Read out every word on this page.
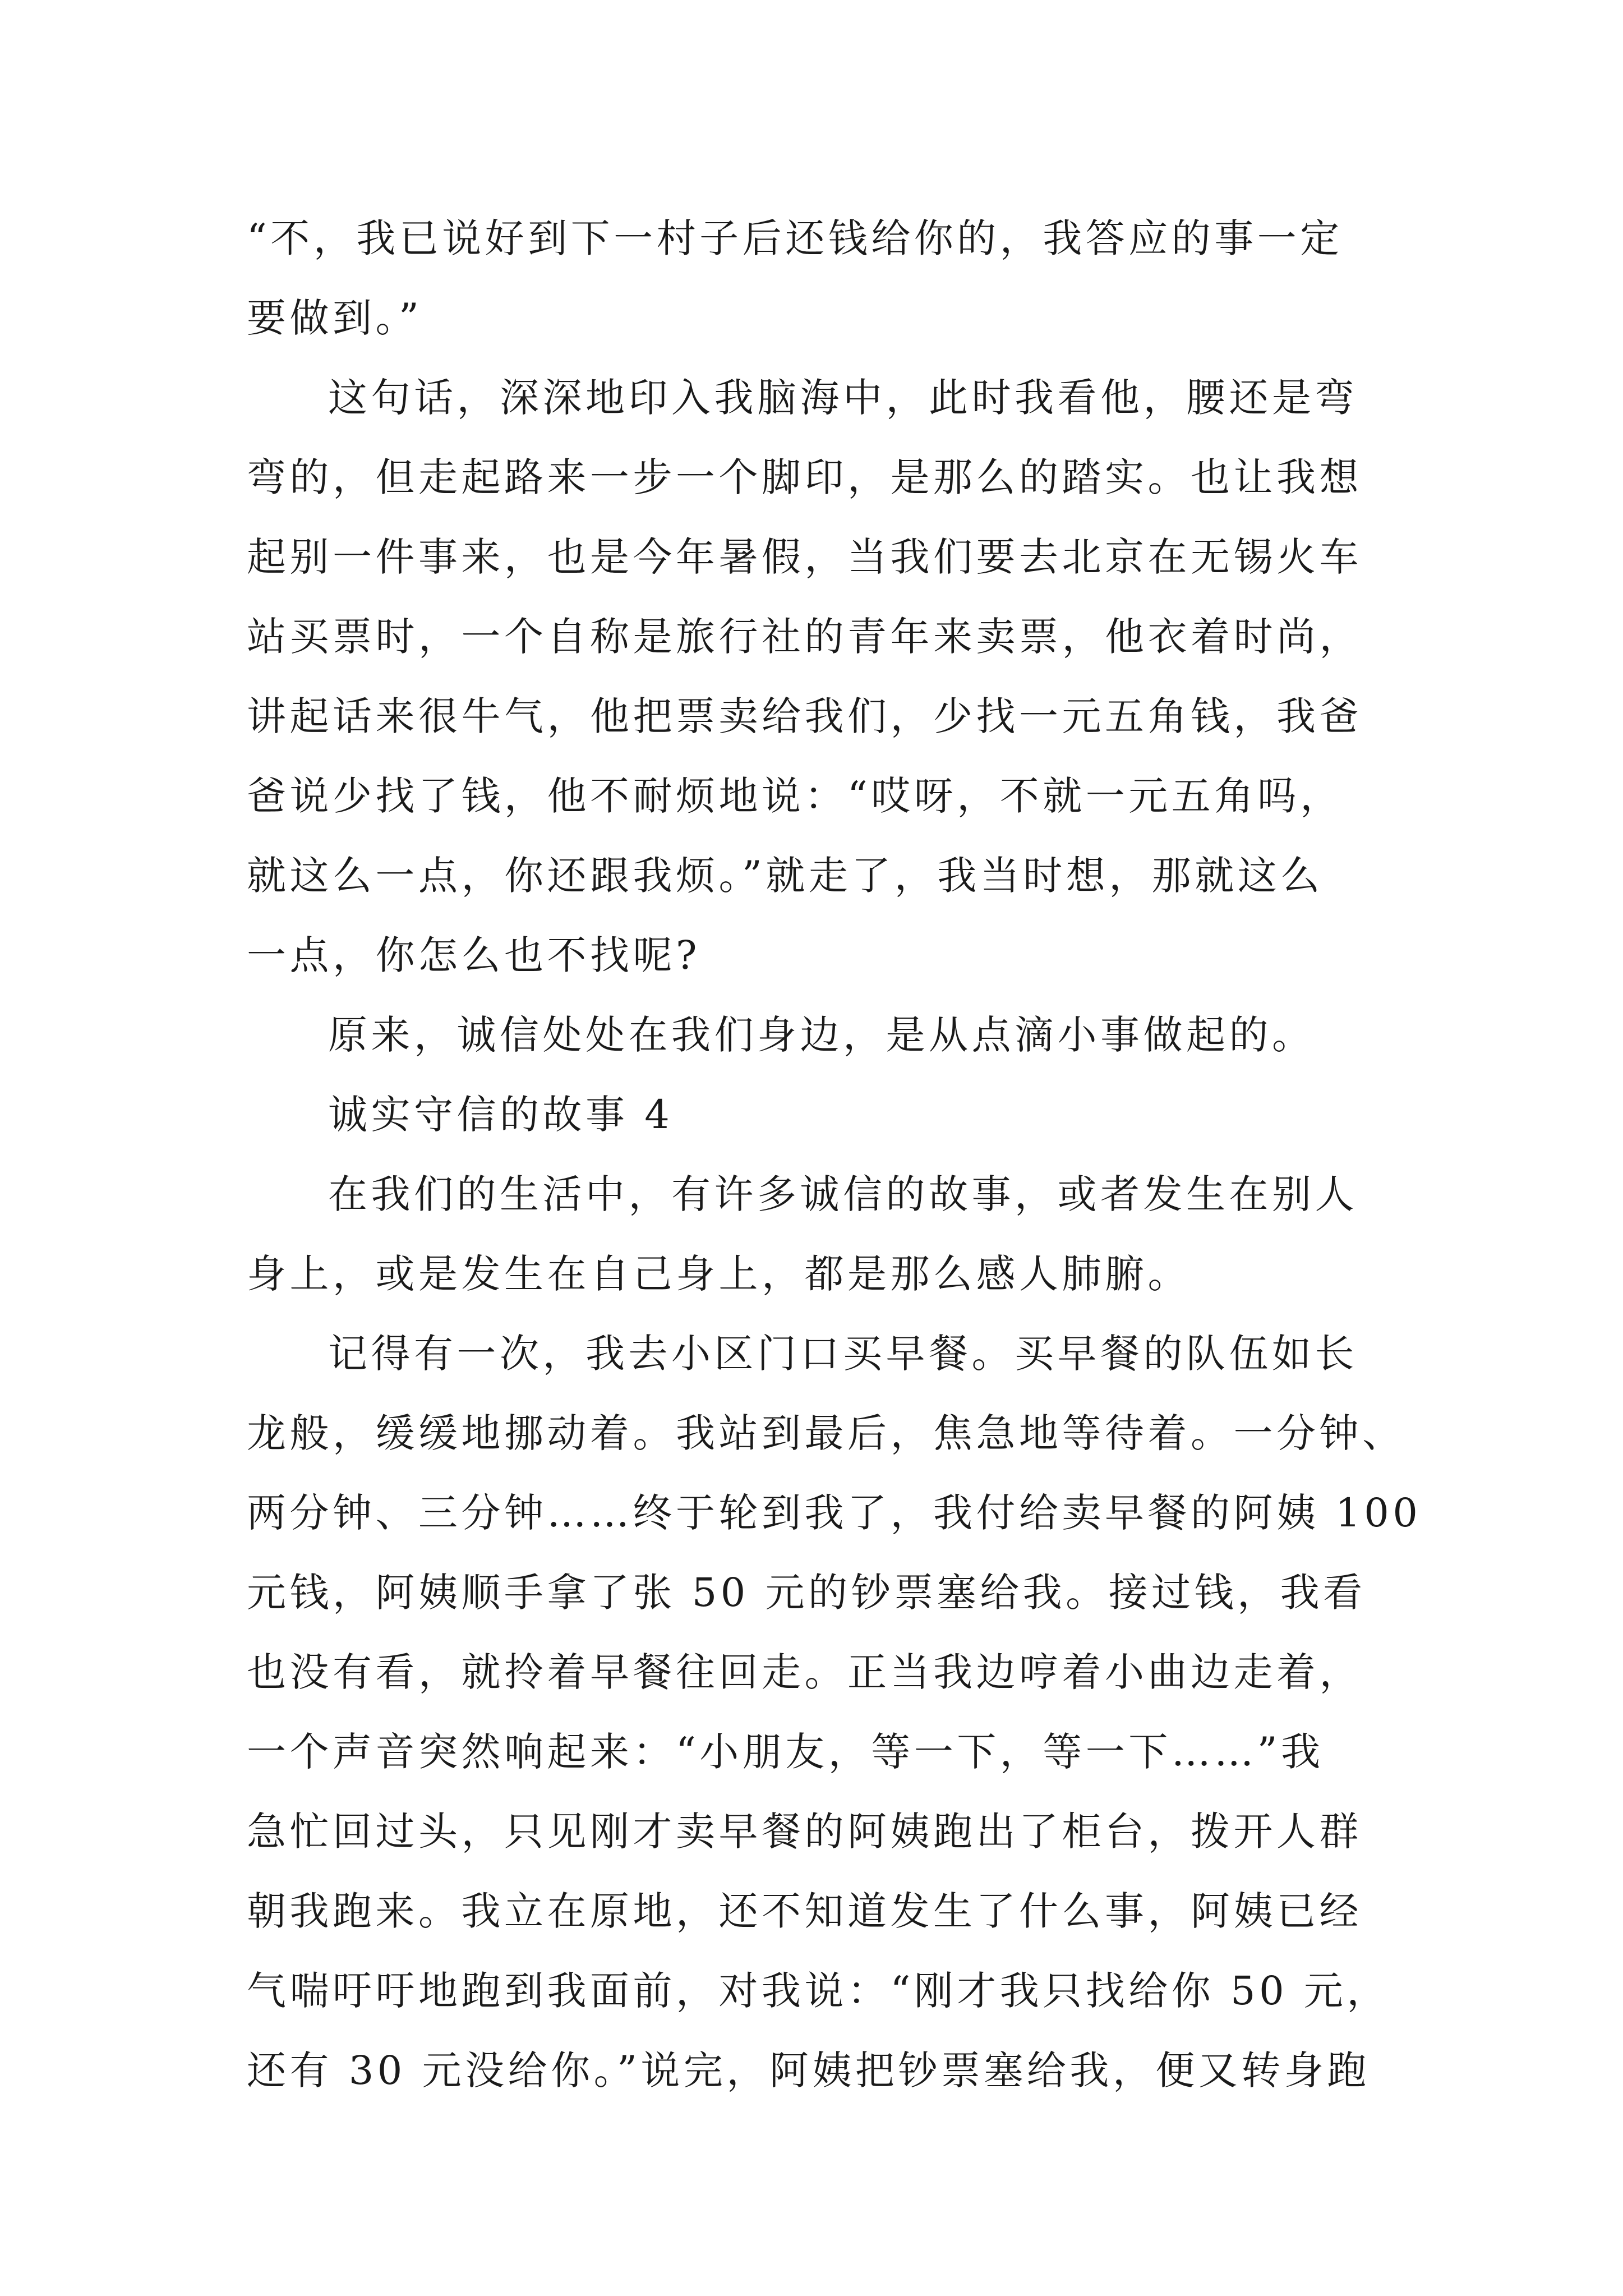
“不，我已说好到下一村子后还钱给你的，我答应的事一定
要做到。”
这句话，深深地印入我脑海中，此时我看他，腰还是弯
弯的，但走起路来一步一个脚印，是那么的踏实。也让我想
起别一件事来，也是今年暑假，当我们要去北京在无锡火车
站买票时，一个自称是旅行社的青年来卖票，他衣着时尚，
讲起话来很牛气，他把票卖给我们，少找一元五角钱，我爸
爸说少找了钱，他不耐烦地说：“哎呀，不就一元五角吗，
就这么一点，你还跟我烦。”就走了，我当时想，那就这么
一点，你怎么也不找呢?
原来，诚信处处在我们身边，是从点滴小事做起的。
诚实守信的故事 4
在我们的生活中，有许多诚信的故事，或者发生在别人
身上，或是发生在自己身上，都是那么感人肺腑。
记得有一次，我去小区门口买早餐。买早餐的队伍如长
龙般，缓缓地挪动着。我站到最后，焦急地等待着。一分钟、
两分钟、三分钟……终于轮到我了，我付给卖早餐的阿姨 100
元钱，阿姨顺手拿了张 50 元的钞票塞给我。接过钱，我看
也没有看，就拎着早餐往回走。正当我边哼着小曲边走着，
一个声音突然响起来：“小朋友，等一下，等一下……”我
急忙回过头，只见刚才卖早餐的阿姨跑出了柜台，拨开人群
朝我跑来。我立在原地，还不知道发生了什么事，阿姨已经
气喘吁吁地跑到我面前，对我说：“刚才我只找给你 50 元，
还有 30 元没给你。”说完，阿姨把钞票塞给我，便又转身跑
